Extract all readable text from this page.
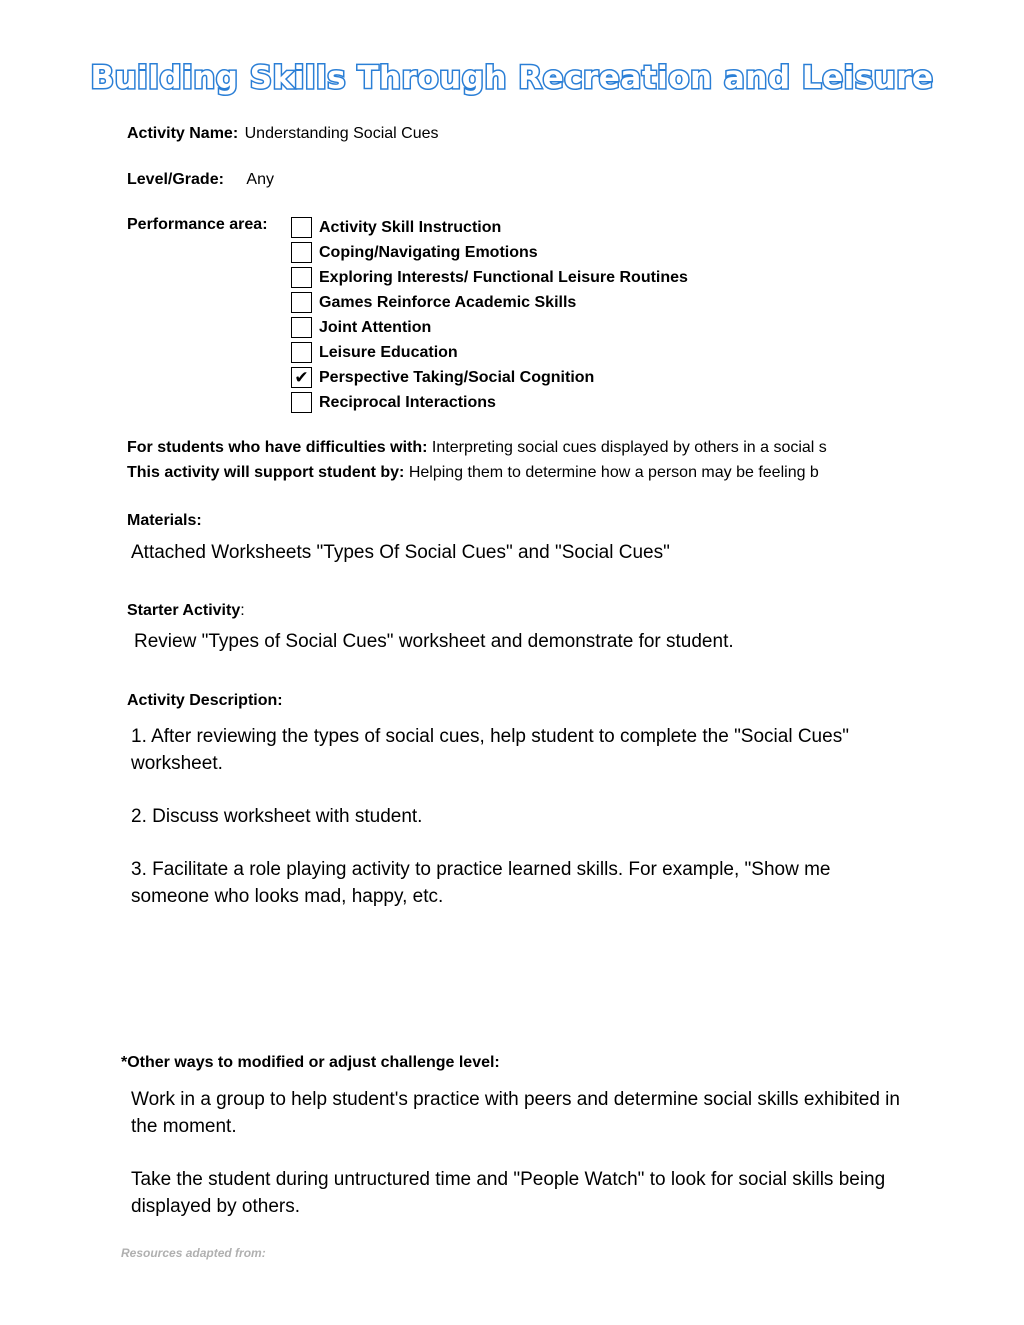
Building Skills Through Recreation and Leisure
Activity Name: Understanding Social Cues
Level/Grade: Any
Performance area:	Activity Skill Instruction
Coping/Navigating Emotions
Exploring Interests/ Functional Leisure Routines
Games Reinforce Academic Skills
Joint Attention
Leisure Education
✔ Perspective Taking/Social Cognition
Reciprocal Interactions
For students who have difficulties with: Interpreting social cues displayed by others in a social s
This activity will support student by: Helping them to determine how a person may be feeling b
Materials:
Attached Worksheets "Types Of Social Cues" and "Social Cues"
Starter Activity:
Review "Types of Social Cues" worksheet and demonstrate for student.
Activity Description:
1. After reviewing the types of social cues, help student to complete the "Social Cues" worksheet.
2. Discuss worksheet with student.
3. Facilitate a role playing activity to practice learned skills. For example, "Show me someone who looks mad, happy, etc.
*Other ways to modified or adjust challenge level:
Work in a group to help student's practice with peers and determine social skills exhibited in the moment.
Take the student during untructured time and "People Watch" to look for social skills being displayed by others.
Resources adapted from:
